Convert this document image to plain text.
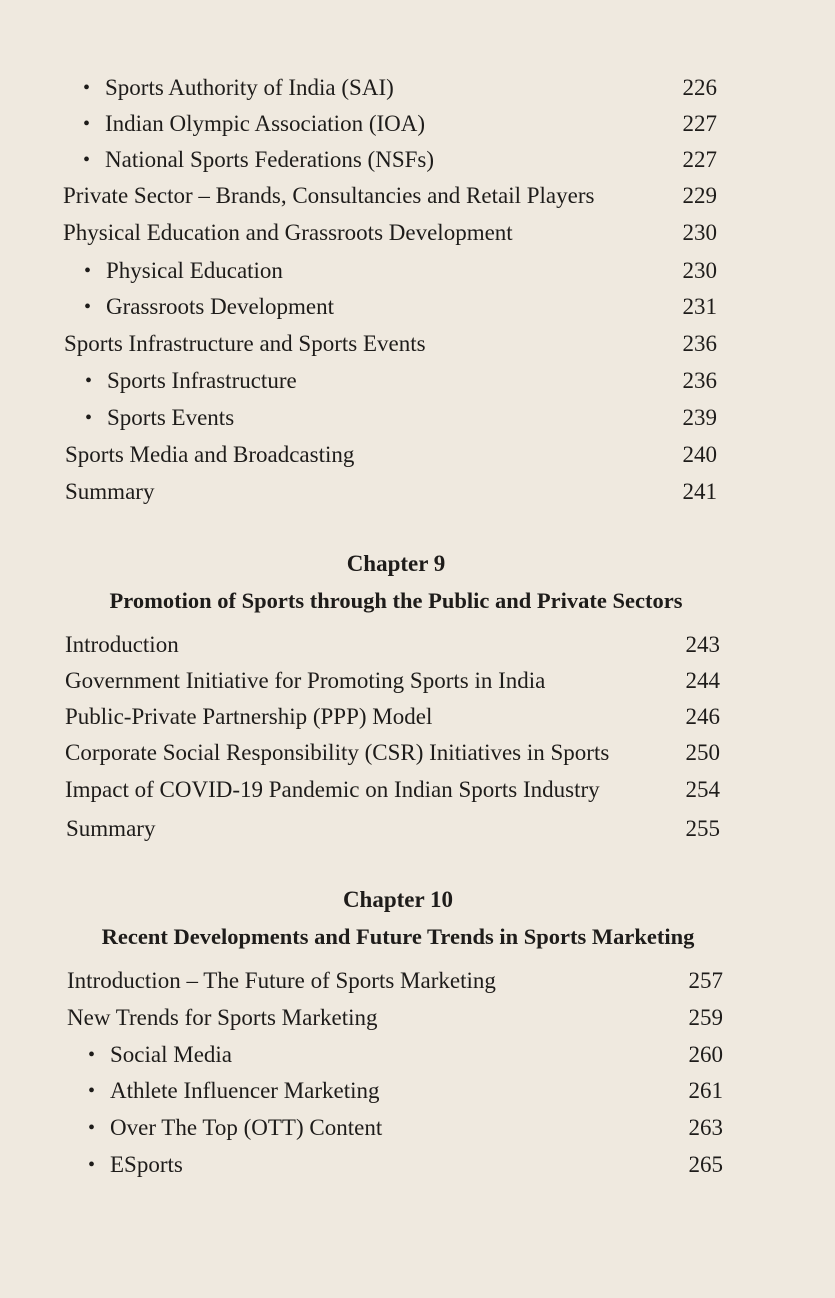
• Sports Authority of India (SAI)	226
• Indian Olympic Association (IOA)	227
• National Sports Federations (NSFs)	227
Private Sector – Brands, Consultancies and Retail Players	229
Physical Education and Grassroots Development	230
• Physical Education	230
• Grassroots Development	231
Sports Infrastructure and Sports Events	236
• Sports Infrastructure	236
• Sports Events	239
Sports Media and Broadcasting	240
Summary	241
Chapter 9
Promotion of Sports through the Public and Private Sectors
Introduction	243
Government Initiative for Promoting Sports in India	244
Public-Private Partnership (PPP) Model	246
Corporate Social Responsibility (CSR) Initiatives in Sports	250
Impact of COVID-19 Pandemic on Indian Sports Industry	254
Summary	255
Chapter 10
Recent Developments and Future Trends in Sports Marketing
Introduction – The Future of Sports Marketing	257
New Trends for Sports Marketing	259
• Social Media	260
• Athlete Influencer Marketing	261
• Over The Top (OTT) Content	263
• ESports	265
